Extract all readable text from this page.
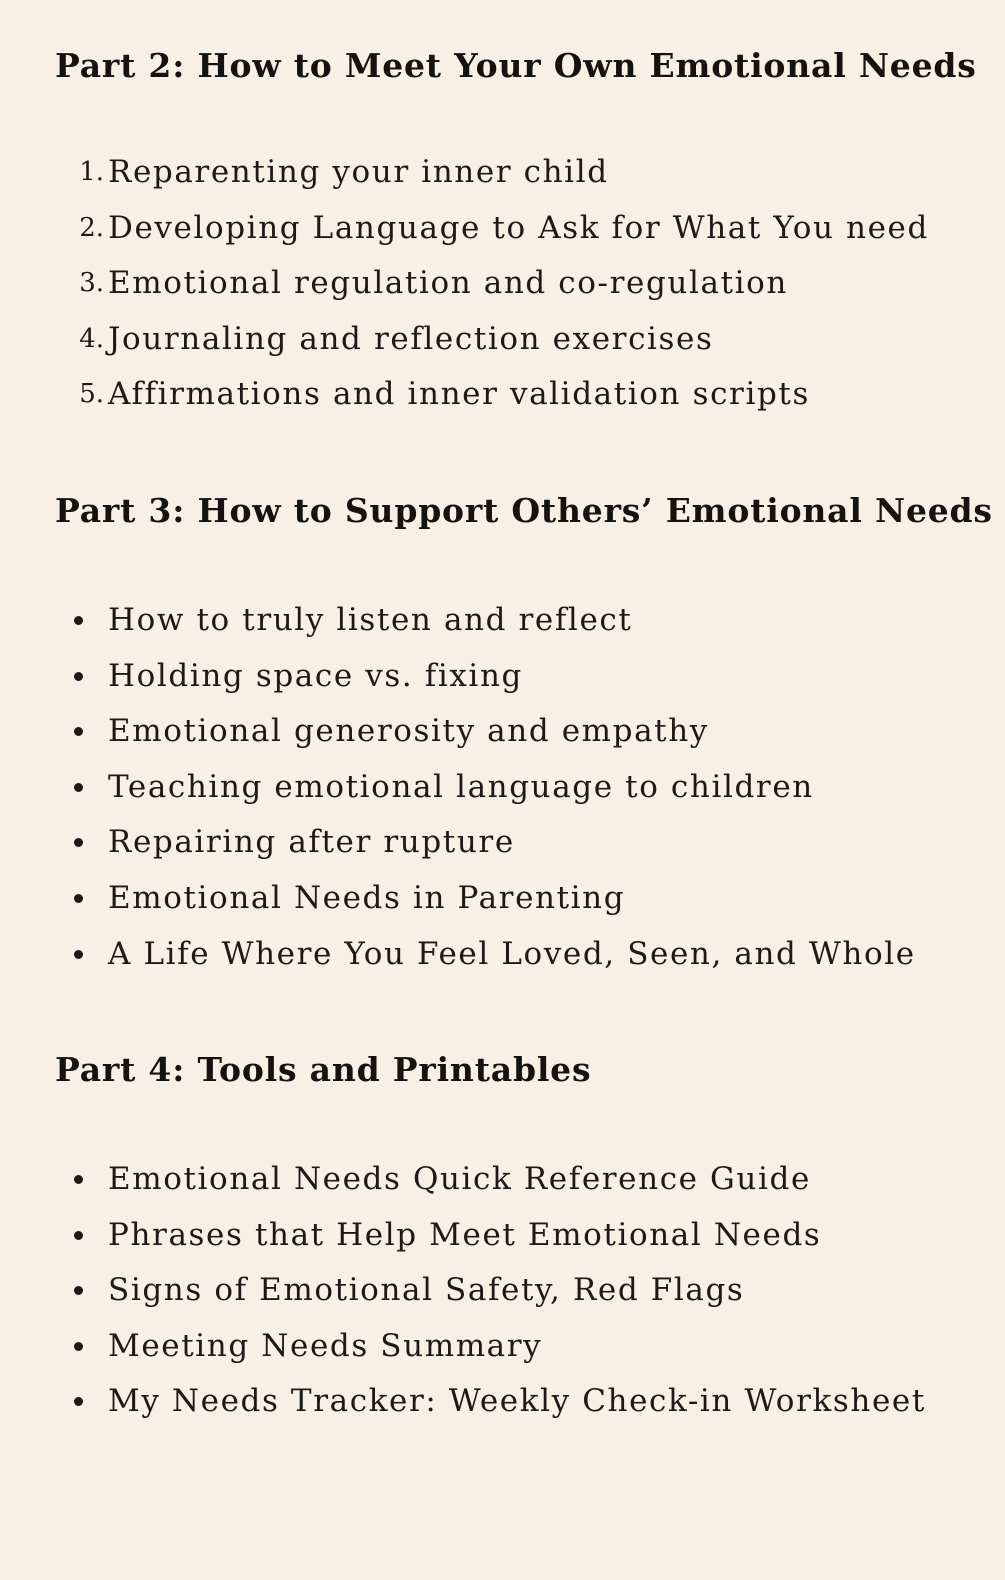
Part 2: How to Meet Your Own Emotional Needs
1. Reparenting your inner child
2. Developing Language to Ask for What You need
3. Emotional regulation and co-regulation
4. Journaling and reflection exercises
5. Affirmations and inner validation scripts
Part 3: How to Support Others’ Emotional Needs
How to truly listen and reflect
Holding space vs. fixing
Emotional generosity and empathy
Teaching emotional language to children
Repairing after rupture
Emotional Needs in Parenting
A Life Where You Feel Loved, Seen, and Whole
Part 4: Tools and Printables
Emotional Needs Quick Reference Guide
Phrases that Help Meet Emotional Needs
Signs of Emotional Safety, Red Flags
Meeting Needs Summary
My Needs Tracker: Weekly Check-in Worksheet
